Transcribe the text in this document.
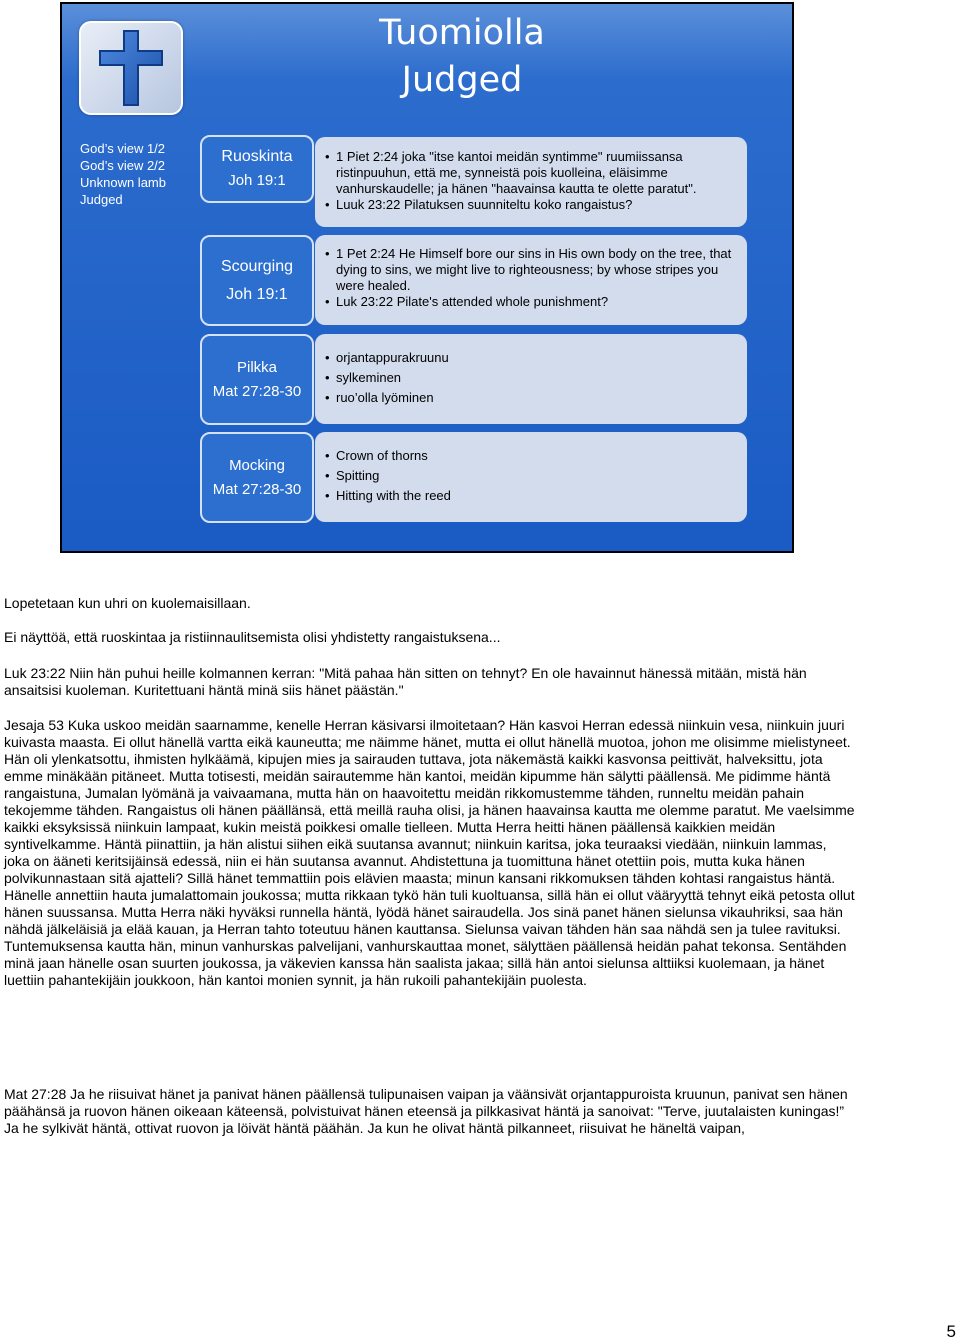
Tuomiolla
Judged
God’s view 1/2
God’s view 2/2
Unknown lamb
Judged
Ruoskinta
Joh 19:1
• 1 Piet 2:24 joka "itse kantoi meidän syntimme" ruumiissansa ristinpuuhun, että me, synneistä pois kuolleina, eläisimme vanhurskaudelle; ja hänen "haavainsa kautta te olette paratut".
• Luuk 23:22 Pilatuksen suunniteltu koko rangaistus?
Scourging
Joh 19:1
• 1 Pet 2:24 He Himself bore our sins in His own body on the tree, that dying to sins, we might live to righteousness; by whose stripes you were healed.
• Luk 23:22 Pilate's attended whole punishment?
Pilkka
Mat 27:28-30
• orjantappurakruunu
• sylkeminen
• ruo’olla lyöminen
Mocking
Mat 27:28-30
• Crown of thorns
• Spitting
• Hitting with the reed
Lopetetaan kun uhri on kuolemaisillaan.
Ei näyttöä, että ruoskintaa ja ristiinnaulitsemista olisi yhdistetty rangaistuksena...
Luk 23:22 Niin hän puhui heille kolmannen kerran: "Mitä pahaa hän sitten on tehnyt? En ole havainnut hänessä mitään, mistä hän ansaitsisi kuoleman. Kuritettuani häntä minä siis hänet päästän."
Jesaja 53 Kuka uskoo meidän saarnamme, kenelle Herran käsivarsi ilmoitetaan? Hän kasvoi Herran edessä niinkuin vesa, niinkuin juuri kuivasta maasta. Ei ollut hänellä vartta eikä kauneutta; me näimme hänet, mutta ei ollut hänellä muotoa, johon me olisimme mielistyneet. Hän oli ylenkatsottu, ihmisten hylkäämä, kipujen mies ja sairauden tuttava, jota näkemästä kaikki kasvonsa peittivät, halveksittu, jota emme minäkään pitäneet. Mutta totisesti, meidän sairautemme hän kantoi, meidän kipumme hän sälytti päällensä. Me pidimme häntä rangaistuna, Jumalan lyömänä ja vaivaamana, mutta hän on haavoitettu meidän rikkomustemme tähden, runneltu meidän pahain tekojemme tähden. Rangaistus oli hänen päällänsä, että meillä rauha olisi, ja hänen haavainsa kautta me olemme paratut. Me vaelsimme kaikki eksyksissä niinkuin lampaat, kukin meistä poikkesi omalle tielleen. Mutta Herra heitti hänen päällensä kaikkien meidän syntivelkamme. Häntä piinattiin, ja hän alistui siihen eikä suutansa avannut; niinkuin karitsa, joka teuraaksi viedään, niinkuin lammas, joka on ääneti keritsijäinsä edessä, niin ei hän suutansa avannut. Ahdistettuna ja tuomittuna hänet otettiin pois, mutta kuka hänen polvikunnastaan sitä ajatteli? Sillä hänet temmattiin pois elävien maasta; minun kansani rikkomuksen tähden kohtasi rangaistus häntä. Hänelle annettiin hauta jumalattomain joukossa; mutta rikkaan tykö hän tuli kuoltuansa, sillä hän ei ollut vääryyttä tehnyt eikä petosta ollut hänen suussansa. Mutta Herra näki hyväksi runnella häntä, lyödä hänet sairaudella. Jos sinä panet hänen sielunsa vikauhriksi, saa hän nähdä jälkeläisiä ja elää kauan, ja Herran tahto toteutuu hänen kauttansa. Sielunsa vaivan tähden hän saa nähdä sen ja tulee ravituksi. Tuntemuksensa kautta hän, minun vanhurskas palvelijani, vanhurskauttaa monet, sälyttäen päällensä heidän pahat tekonsa. Sentähden minä jaan hänelle osan suurten joukossa, ja väkevien kanssa hän saalista jakaa; sillä hän antoi sielunsa alttiiksi kuolemaan, ja hänet luettiin pahantekijäin joukkoon, hän kantoi monien synnit, ja hän rukoili pahantekijäin puolesta.
Mat 27:28 Ja he riisuivat hänet ja panivat hänen päällensä tulipunaisen vaipan ja väänsivät orjantappuroista kruunun, panivat sen hänen päähänsä ja ruovon hänen oikeaan käteensä, polvistuivat hänen eteensä ja pilkkasivat häntä ja sanoivat: "Terve, juutalaisten kuningas!” Ja he sylkivät häntä, ottivat ruovon ja löivät häntä päähän. Ja kun he olivat häntä pilkanneet, riisuivat he häneltä vaipan,
5
